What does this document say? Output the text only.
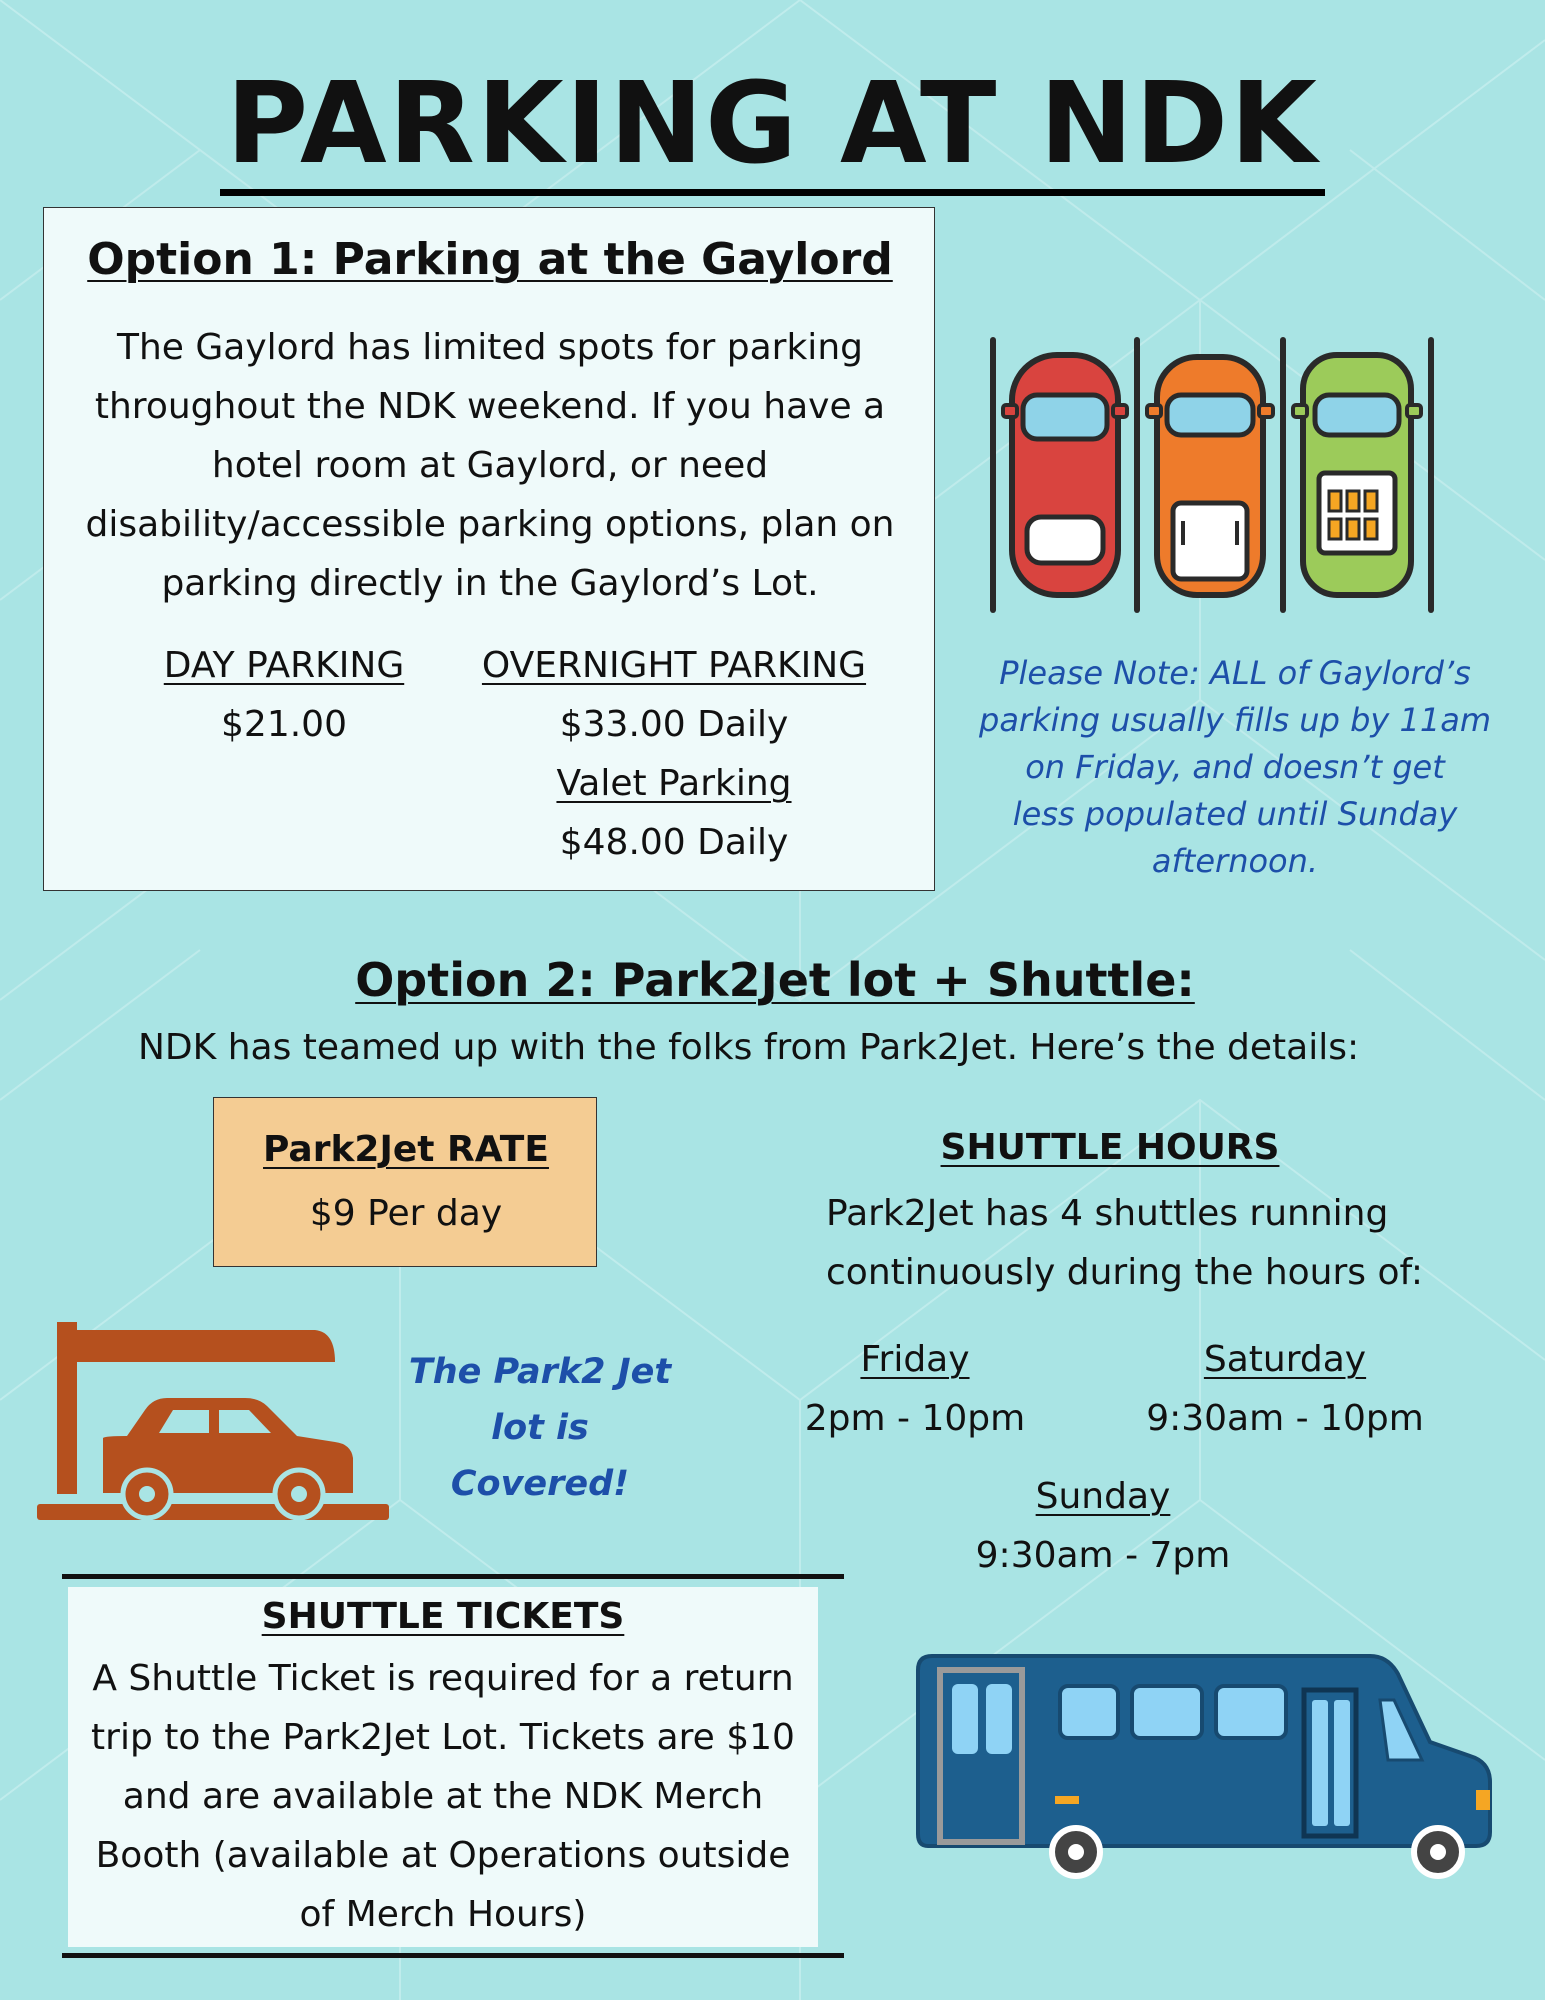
PARKING AT NDK
Option 1: Parking at the Gaylord
The Gaylord has limited spots for parking
throughout the NDK weekend. If you have a
hotel room at Gaylord, or need
disability/accessible parking options, plan on
parking directly in the Gaylord’s Lot.
DAY PARKING
$21.00
OVERNIGHT PARKING
$33.00 Daily
Valet Parking
$48.00 Daily
Please Note: ALL of Gaylord’s
parking usually fills up by 11am
on Friday, and doesn’t get
less populated until Sunday
afternoon.
Option 2: Park2Jet lot + Shuttle:
NDK has teamed up with the folks from Park2Jet. Here’s the details:
Park2Jet RATE
$9 Per day
The Park2 Jet
lot is
Covered!
SHUTTLE HOURS
Park2Jet has 4 shuttles running
continuously during the hours of:
Friday
2pm - 10pm
Saturday
9:30am - 10pm
Sunday
9:30am - 7pm
SHUTTLE TICKETS
A Shuttle Ticket is required for a return
trip to the Park2Jet Lot. Tickets are $10
and are available at the NDK Merch
Booth (available at Operations outside
of Merch Hours)
